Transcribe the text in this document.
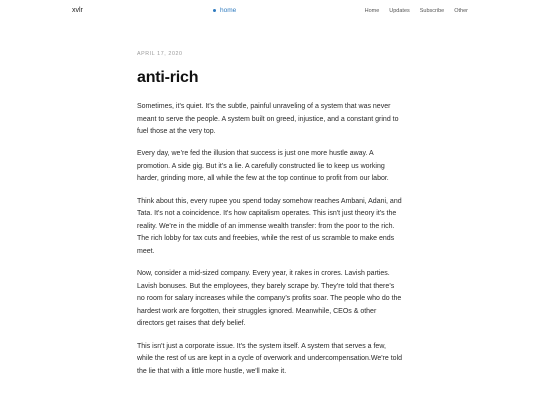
xvlr	home	Home Updates Subscribe Other
APRIL 17, 2020
anti-rich

Sometimes, it’s quiet. It’s the subtle, painful unraveling of a system that was never meant to serve the people. A system built on greed, injustice, and a constant grind to fuel those at the very top.

Every day, we’re fed the illusion that success is just one more hustle away. A promotion. A side gig. But it’s a lie. A carefully constructed lie to keep us working harder, grinding more, all while the few at the top continue to profit from our labor.

Think about this, every rupee you spend today somehow reaches Ambani, Adani, and Tata. It's not a coincidence. It's how capitalism operates. This isn't just theory it's the reality. We're in the middle of an immense wealth transfer: from the poor to the rich. The rich lobby for tax cuts and freebies, while the rest of us scramble to make ends meet.

Now, consider a mid-sized company. Every year, it rakes in crores. Lavish parties. Lavish bonuses. But the employees, they barely scrape by. They’re told that there’s no room for salary increases while the company’s profits soar. The people who do the hardest work are forgotten, their struggles ignored. Meanwhile, CEOs & other directors get raises that defy belief.

This isn't just a corporate issue. It's the system itself. A system that serves a few, while the rest of us are kept in a cycle of overwork and undercompensation.We're told the lie that with a little more hustle, we'll make it.
